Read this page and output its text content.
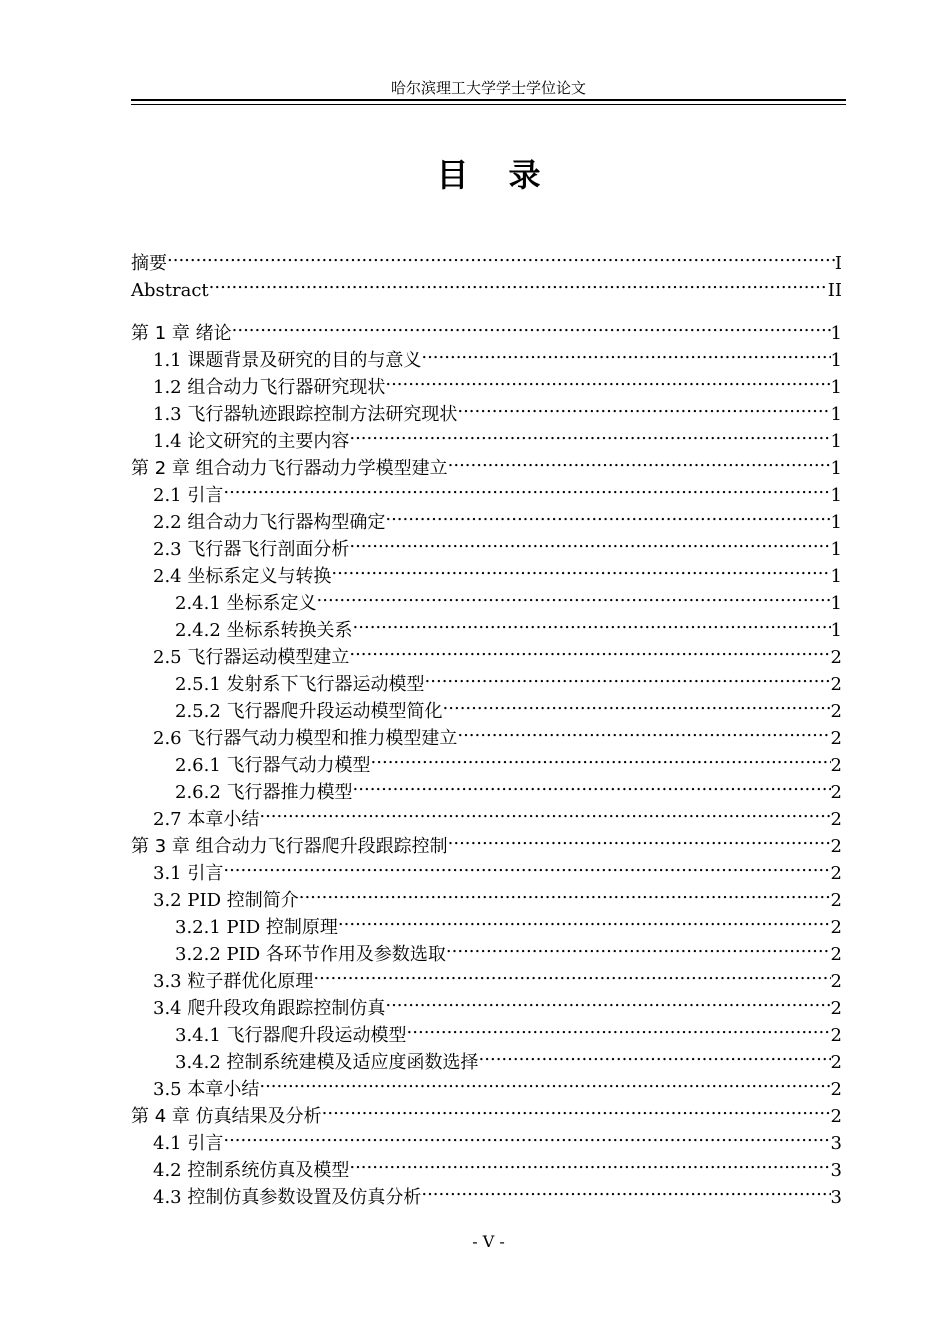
哈尔滨理工大学学士学位论文
目录
摘要 .....	I
Abstract .....	II
第 1 章 绪论 .....	1
1.1 课题背景及研究的目的与意义 .....	1
1.2 组合动力飞行器研究现状 .....	1
1.3 飞行器轨迹跟踪控制方法研究现状 .....	1
1.4 论文研究的主要内容 .....	1
第 2 章 组合动力飞行器动力学模型建立 .....	1
2.1 引言 .....	1
2.2 组合动力飞行器构型确定 .....	1
2.3 飞行器飞行剖面分析 .....	1
2.4 坐标系定义与转换 .....	1
2.4.1 坐标系定义 .....	1
2.4.2 坐标系转换关系 .....	1
2.5 飞行器运动模型建立 .....	2
2.5.1 发射系下飞行器运动模型 .....	2
2.5.2 飞行器爬升段运动模型简化 .....	2
2.6 飞行器气动力模型和推力模型建立 .....	2
2.6.1 飞行器气动力模型 .....	2
2.6.2 飞行器推力模型 .....	2
2.7 本章小结 .....	2
第 3 章 组合动力飞行器爬升段跟踪控制 .....	2
3.1 引言 .....	2
3.2 PID 控制简介 .....	2
3.2.1 PID 控制原理 .....	2
3.2.2 PID 各环节作用及参数选取 .....	2
3.3 粒子群优化原理 .....	2
3.4 爬升段攻角跟踪控制仿真 .....	2
3.4.1 飞行器爬升段运动模型 .....	2
3.4.2 控制系统建模及适应度函数选择 .....	2
3.5 本章小结 .....	2
第 4 章 仿真结果及分析 .....	2
4.1 引言 .....	3
4.2 控制系统仿真及模型 .....	3
4.3 控制仿真参数设置及仿真分析 .....	3
- V -
